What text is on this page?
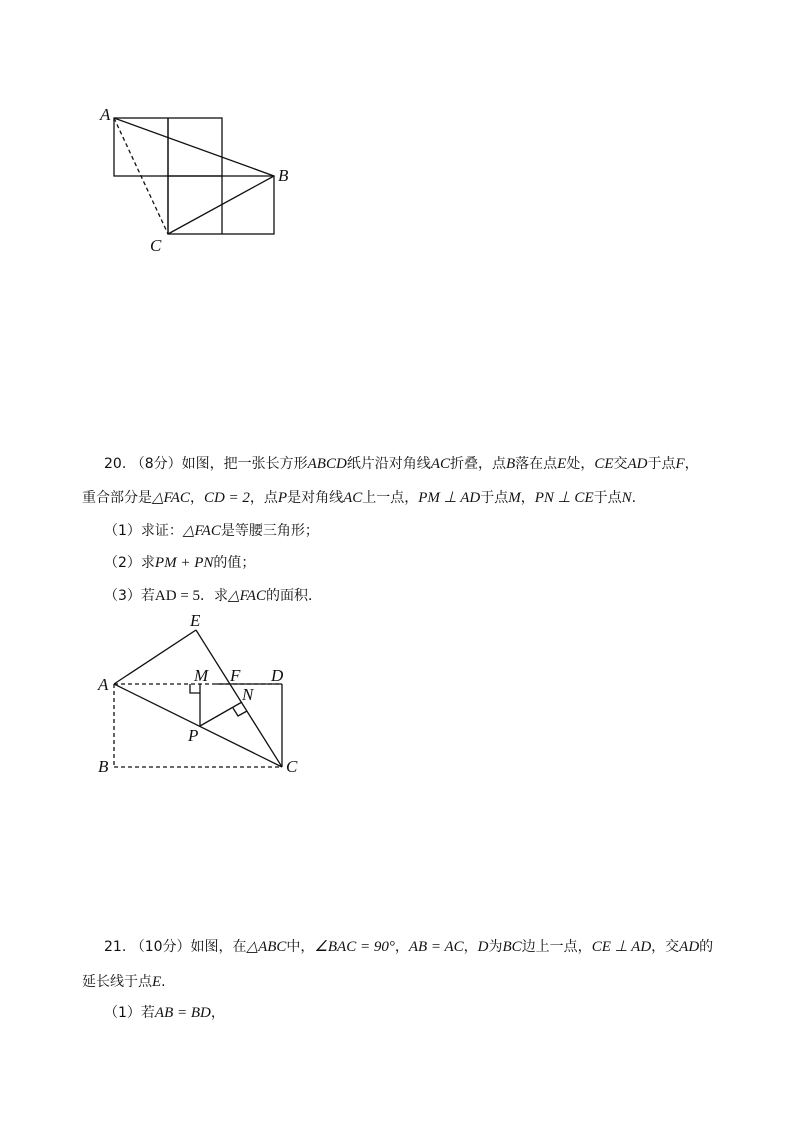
A
B
C
20. （8分）如图，把一张长方形ABCD纸片沿对角线AC折叠，点B落在点E处，CE交AD于点F，
重合部分是△FAC，CD = 2，点P是对角线AC上一点，PM ⊥ AD于点M，PN ⊥ CE于点N.
（1）求证：△FAC是等腰三角形；
（2）求PM + PN的值；
（3）若AD = 5．求△FAC的面积．
E
M F D
A
N
P
B	C
21. （10分）如图，在△ABC中，∠BAC = 90°，AB = AC，D为BC边上一点，CE ⊥ AD，交AD的
延长线于点E.
（1）若AB = BD，
